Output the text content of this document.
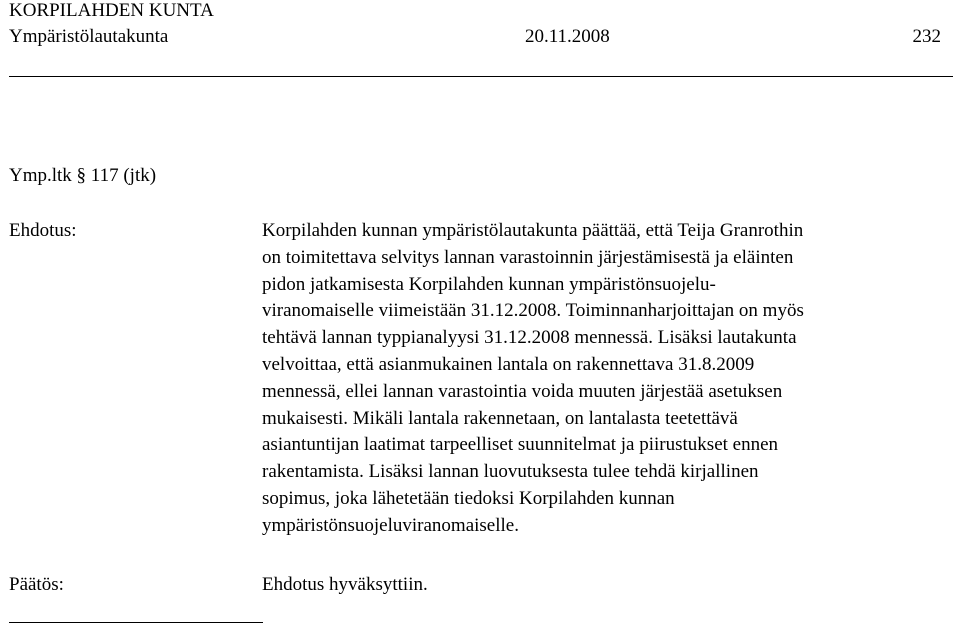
KORPILAHDEN KUNTA
Ympäristölautakunta	20.11.2008	232
Ymp.ltk § 117 (jtk)
Ehdotus:	Korpilahden kunnan ympäristölautakunta päättää, että Teija Granrothin
on toimitettava selvitys lannan varastoinnin järjestämisestä ja eläinten
pidon jatkamisesta Korpilahden kunnan ympäristönsuojelu-
viranomaiselle viimeistään 31.12.2008. Toiminnanharjoittajan on myös
tehtävä lannan typpianalyysi 31.12.2008 mennessä. Lisäksi lautakunta
velvoittaa, että asianmukainen lantala on rakennettava 31.8.2009
mennessä, ellei lannan varastointia voida muuten järjestää asetuksen
mukaisesti. Mikäli lantala rakennetaan, on lantalasta teetettävä
asiantuntijan laatimat tarpeelliset suunnitelmat ja piirustukset ennen
rakentamista. Lisäksi lannan luovutuksesta tulee tehdä kirjallinen
sopimus, joka lähetetään tiedoksi Korpilahden kunnan
ympäristönsuojeluviranomaiselle.
Päätös:	Ehdotus hyväksyttiin.
